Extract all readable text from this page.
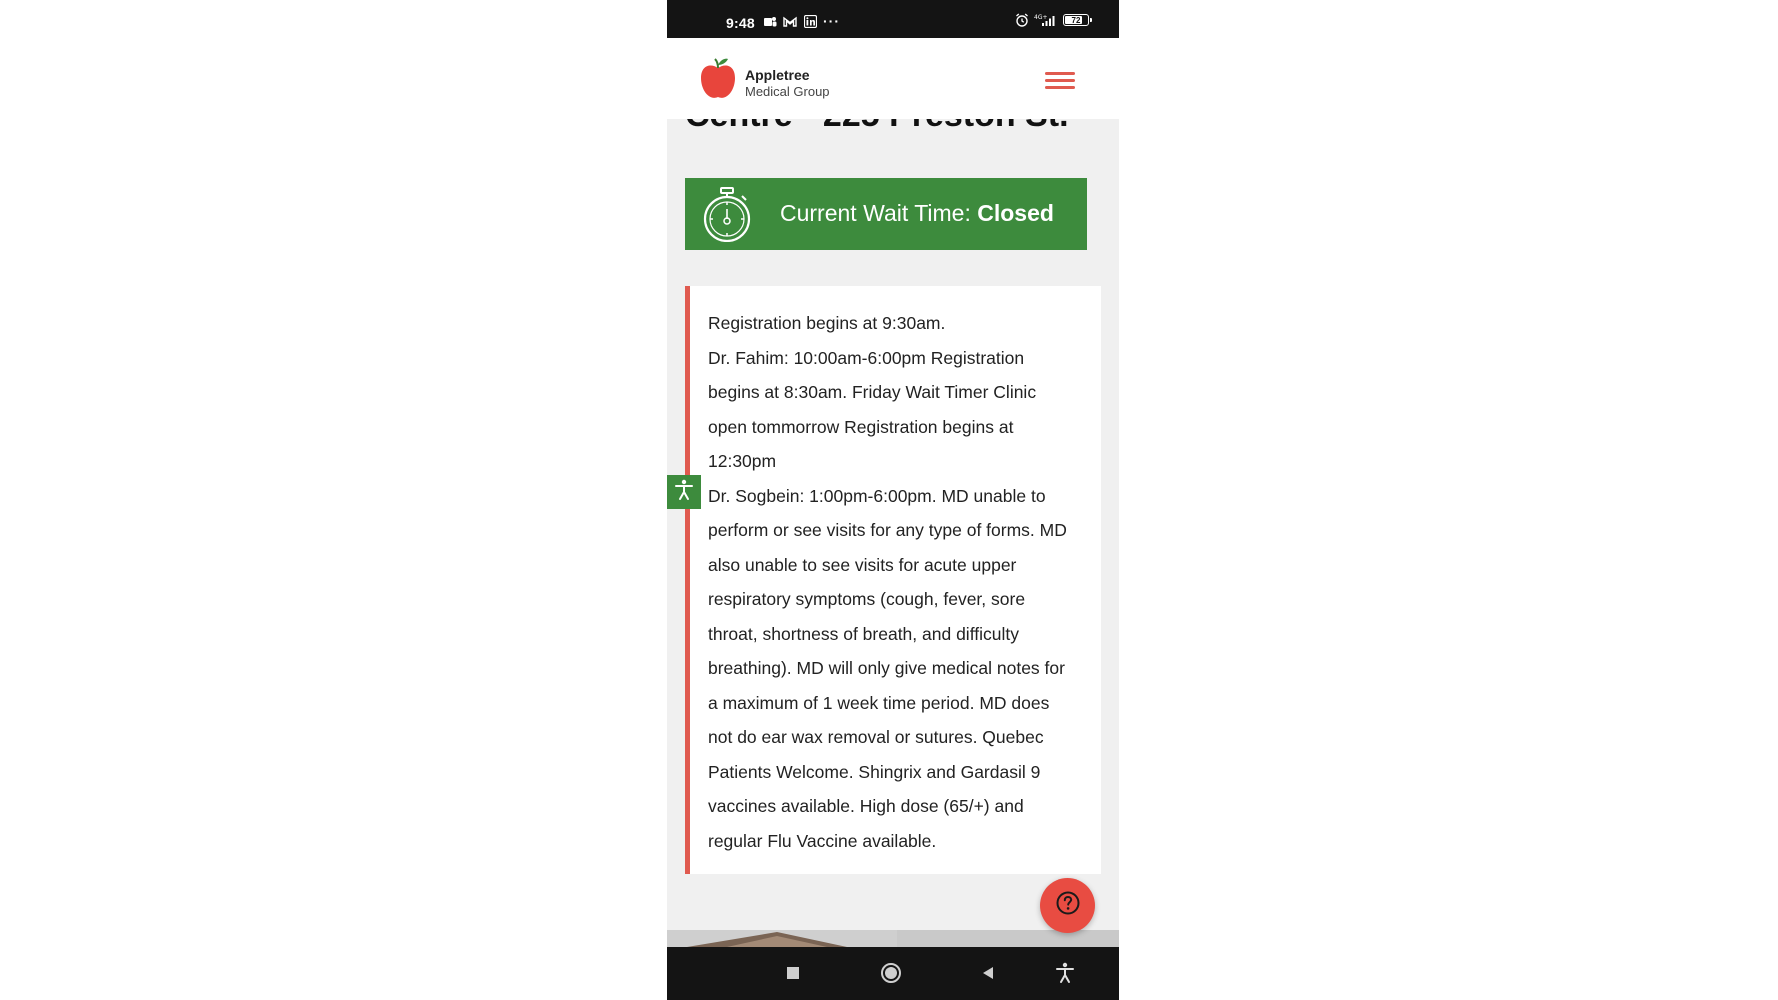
9:48	···	4G+	72
Appletree
Medical Group
Current Wait Time: Closed

Registration begins at 9:30am.

Dr. Fahim: 10:00am-6:00pm Registration begins at 8:30am. Friday Wait Timer Clinic open tommorrow Registration begins at 12:30pm

Dr. Sogbein: 1:00pm-6:00pm. MD unable to perform or see visits for any type of forms. MD also unable to see visits for acute upper respiratory symptoms (cough, fever, sore throat, shortness of breath, and difficulty breathing). MD will only give medical notes for a maximum of 1 week time period. MD does not do ear wax removal or sutures. Quebec Patients Welcome. Shingrix and Gardasil 9 vaccines available. High dose (65/+) and regular Flu Vaccine available.
